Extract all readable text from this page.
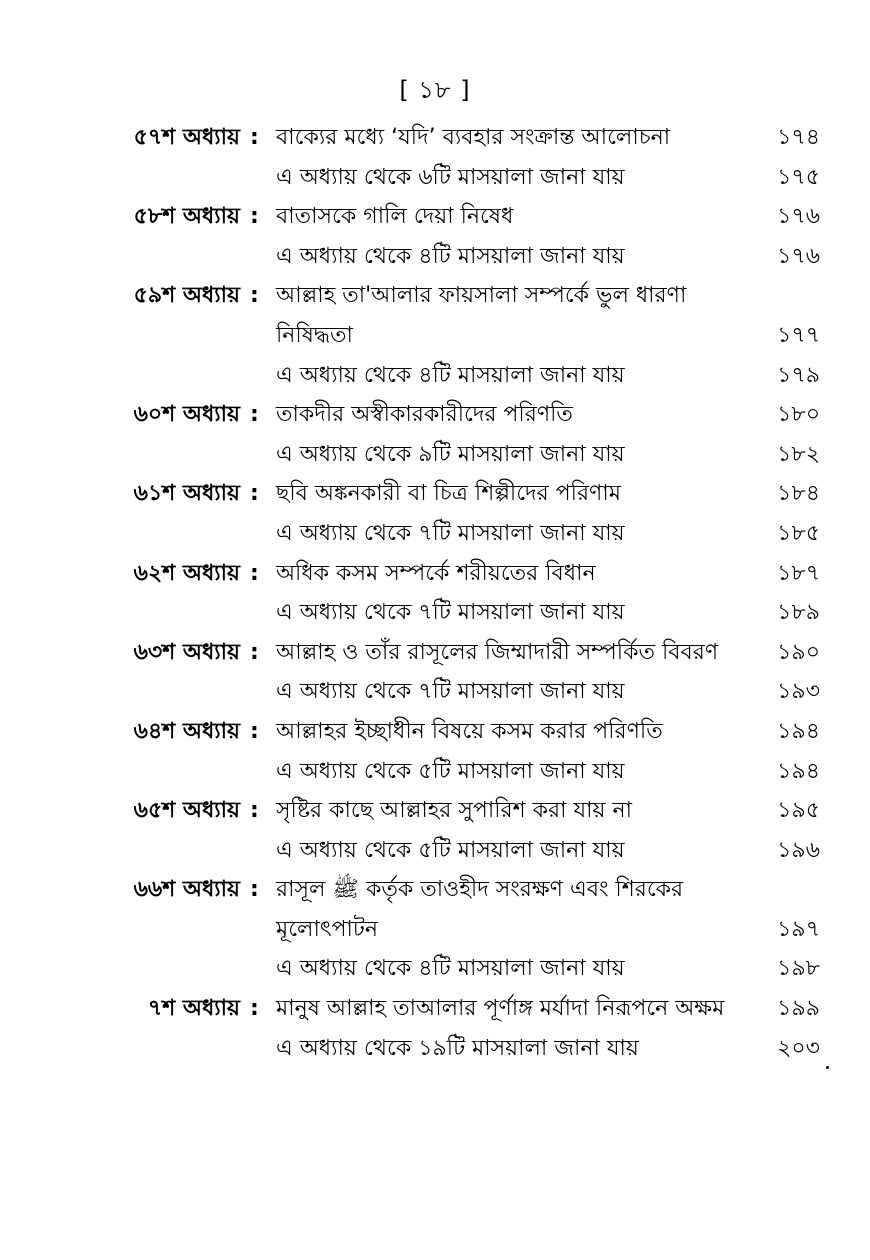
[ ১৮ ]
৫৭শ অধ্যায় : বাক্যের মধ্যে ‘যদি’ ব্যবহার সংক্রান্ত আলোচনা	১৭৪
এ অধ্যায় থেকে ৬টি মাসয়ালা জানা যায়	১৭৫
৫৮শ অধ্যায় : বাতাসকে গালি দেয়া নিষেধ	১৭৬
এ অধ্যায় থেকে ৪টি মাসয়ালা জানা যায়	১৭৬
৫৯শ অধ্যায় : আল্লাহ তা'আলার ফায়সালা সম্পর্কে ভুল ধারণা
নিষিদ্ধতা	১৭৭
এ অধ্যায় থেকে ৪টি মাসয়ালা জানা যায়	১৭৯
৬০শ অধ্যায় : তাকদীর অস্বীকারকারীদের পরিণতি	১৮০
এ অধ্যায় থেকে ৯টি মাসয়ালা জানা যায়	১৮২
৬১শ অধ্যায় : ছবি অঙ্কনকারী বা চিত্র শিল্পীদের পরিণাম	১৮৪
এ অধ্যায় থেকে ৭টি মাসয়ালা জানা যায়	১৮৫
৬২শ অধ্যায় : অধিক কসম সম্পর্কে শরীয়তের বিধান	১৮৭
এ অধ্যায় থেকে ৭টি মাসয়ালা জানা যায়	১৮৯
৬৩শ অধ্যায় : আল্লাহ ও তাঁর রাসূলের জিম্মাদারী সম্পর্কিত বিবরণ	১৯০
এ অধ্যায় থেকে ৭টি মাসয়ালা জানা যায়	১৯৩
৬৪শ অধ্যায় : আল্লাহর ইচ্ছাধীন বিষয়ে কসম করার পরিণতি	১৯৪
এ অধ্যায় থেকে ৫টি মাসয়ালা জানা যায়	১৯৪
৬৫শ অধ্যায় : সৃষ্টির কাছে আল্লাহর সুপারিশ করা যায় না	১৯৫
এ অধ্যায় থেকে ৫টি মাসয়ালা জানা যায়	১৯৬
৬৬শ অধ্যায় : রাসূল ﷺ কর্তৃক তাওহীদ সংরক্ষণ এবং শিরকের
মূলোৎপাটন	১৯৭
এ অধ্যায় থেকে ৪টি মাসয়ালা জানা যায়	১৯৮
৭শ অধ্যায় : মানুষ আল্লাহ তাআলার পূর্ণাঙ্গ মর্যাদা নিরূপনে অক্ষম ১৯৯
এ অধ্যায় থেকে ১৯টি মাসয়ালা জানা যায়	২০৩
